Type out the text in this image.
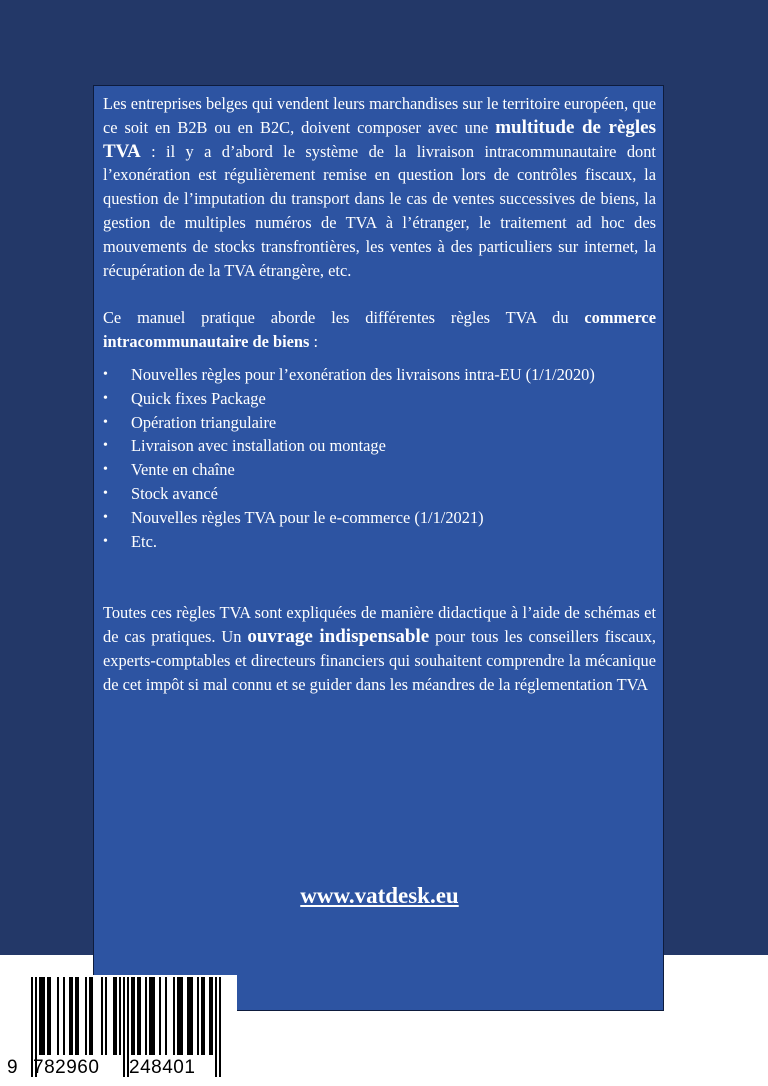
Les entreprises belges qui vendent leurs marchandises sur le territoire européen, que ce soit en B2B ou en B2C, doivent composer avec une multitude de règles TVA : il y a d’abord le système de la livraison intracommunautaire dont l’exonération est régulièrement remise en question lors de contrôles fiscaux, la question de l’imputation du transport dans le cas de ventes successives de biens, la gestion de multiples numéros de TVA à l’étranger, le traitement ad hoc des mouvements de stocks transfrontières, les ventes à des particuliers sur internet, la récupération de la TVA étrangère, etc.

Ce manuel pratique aborde les différentes règles TVA du commerce intracommunautaire de biens :

•	Nouvelles règles pour l’exonération des livraisons intra-EU (1/1/2020)
•	Quick fixes Package
•	Opération triangulaire
•	Livraison avec installation ou montage
•	Vente en chaîne
•	Stock avancé
•	Nouvelles règles TVA pour le e-commerce (1/1/2021)
•	Etc.

Toutes ces règles TVA sont expliquées de manière didactique à l’aide de schémas et de cas pratiques. Un ouvrage indispensable pour tous les conseillers fiscaux, experts-comptables et directeurs financiers qui souhaitent comprendre la mécanique de cet impôt si mal connu et se guider dans les méandres de la réglementation TVA

www.vatdesk.eu
9 782960 248401
